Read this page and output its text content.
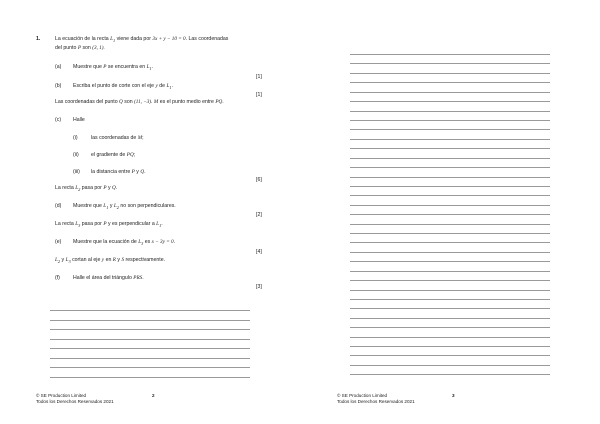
1.	La ecuación de la recta $L_1$ viene dada por 3x + y − 10 = 0. Las coordenadas
del punto P son (3, 1).
(a) Muestre que P se encuentra en $L_1$.
[1]
(b) Escriba el punto de corte con el eje y de $L_1$.
[1]
Las coordenadas del punto Q son (11, −3). M es el punto medio entre PQ.
(c) Halle
(i)	las coordenadas de M;
(ii) el gradiente de PQ;
(iii) la distancia entre P y Q.
[6]
La recta $L_2$ pasa por P y Q.
(d) Muestre que $L_1$ y $L_2$ no son perpendiculares.
[2]
La recta $L_3$ pasa por P y es perpendicular a $L_1$.
(e) Muestre que la ecuación de $L_3$ es x − 3y = 0.
[4]
$L_2$ y $L_3$ cortan al eje y en R y S respectivamente.
(f)	Halle el área del triángulo PRS.
[3]
© SE Production Limited
Todos los Derechos Reservados 2021
2	© SE Production Limited
Todos los Derechos Reservados 2021
3
